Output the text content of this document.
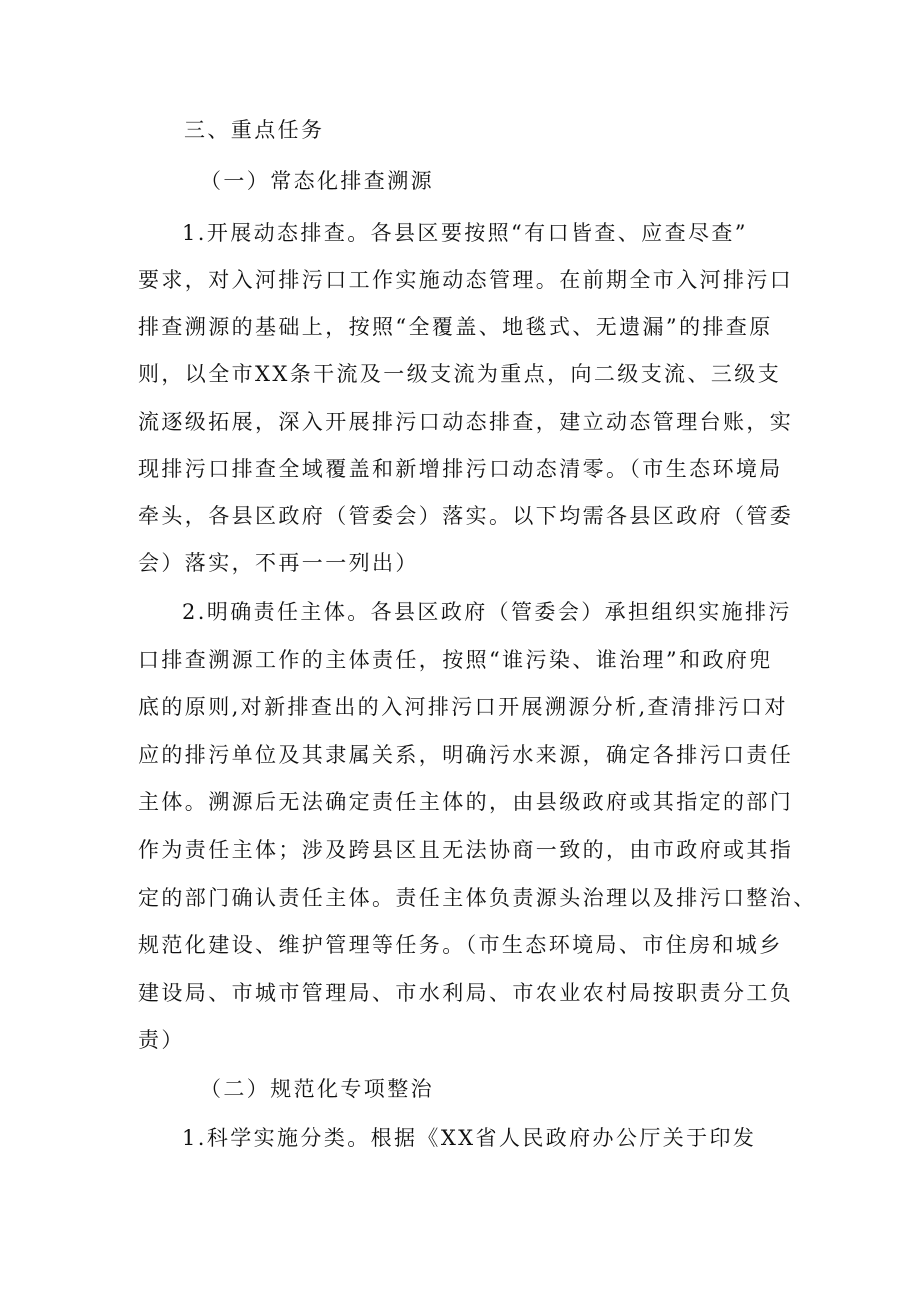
三、重点任务
（一）常态化排查溯源
1.开展动态排查。各县区要按照“有口皆查、应查尽查”
要求，对入河排污口工作实施动态管理。在前期全市入河排污口
排查溯源的基础上，按照“全覆盖、地毯式、无遗漏”的排查原
则，以全市XX条干流及一级支流为重点，向二级支流、三级支
流逐级拓展，深入开展排污口动态排查，建立动态管理台账，实
现排污口排查全域覆盖和新增排污口动态清零。（市生态环境局
牵头，各县区政府（管委会）落实。以下均需各县区政府（管委
会）落实，不再一一列出）
2.明确责任主体。各县区政府（管委会）承担组织实施排污
口排查溯源工作的主体责任，按照“谁污染、谁治理”和政府兜
底的原则,对新排查出的入河排污口开展溯源分析,查清排污口对
应的排污单位及其隶属关系，明确污水来源，确定各排污口责任
主体。溯源后无法确定责任主体的，由县级政府或其指定的部门
作为责任主体；涉及跨县区且无法协商一致的，由市政府或其指
定的部门确认责任主体。责任主体负责源头治理以及排污口整治、
规范化建设、维护管理等任务。（市生态环境局、市住房和城乡
建设局、市城市管理局、市水利局、市农业农村局按职责分工负
责）
（二）规范化专项整治
1.科学实施分类。根据《XX省人民政府办公厅关于印发
